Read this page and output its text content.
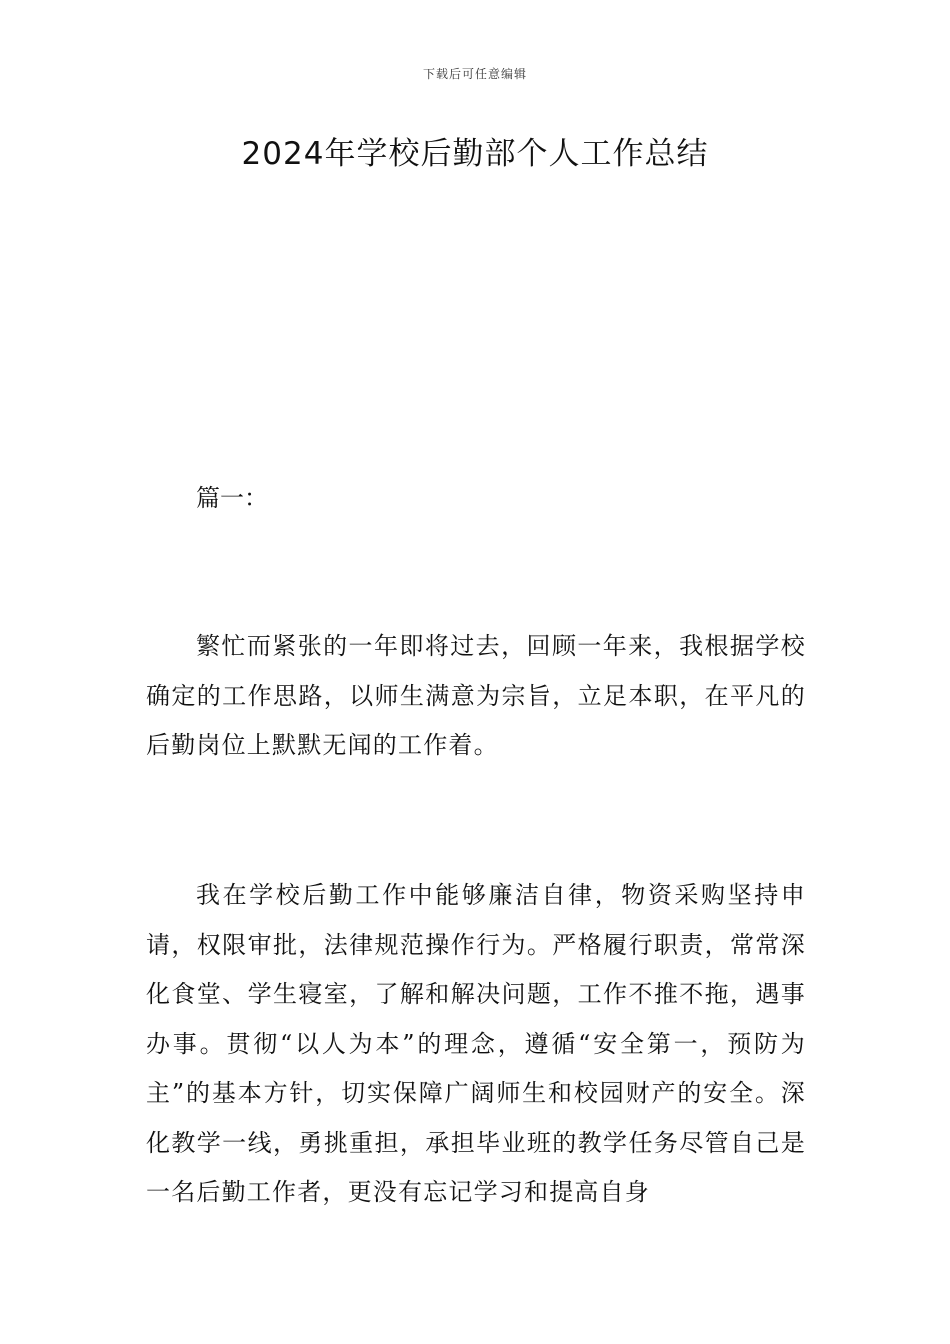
下载后可任意编辑
2024年学校后勤部个人工作总结
篇一：

繁忙而紧张的一年即将过去，回顾一年来，我根据学校确定的工作思路，以师生满意为宗旨，立足本职，在平凡的后勤岗位上默默无闻的工作着。

我在学校后勤工作中能够廉洁自律，物资采购坚持申请，权限审批，法律规范操作行为。严格履行职责，常常深化食堂、学生寝室，了解和解决问题，工作不推不拖，遇事办事。贯彻“以人为本”的理念，遵循“安全第一，预防为主”的基本方针，切实保障广阔师生和校园财产的安全。深化教学一线，勇挑重担，承担毕业班的教学任务尽管自己是一名后勤工作者，更没有忘记学习和提高自身
